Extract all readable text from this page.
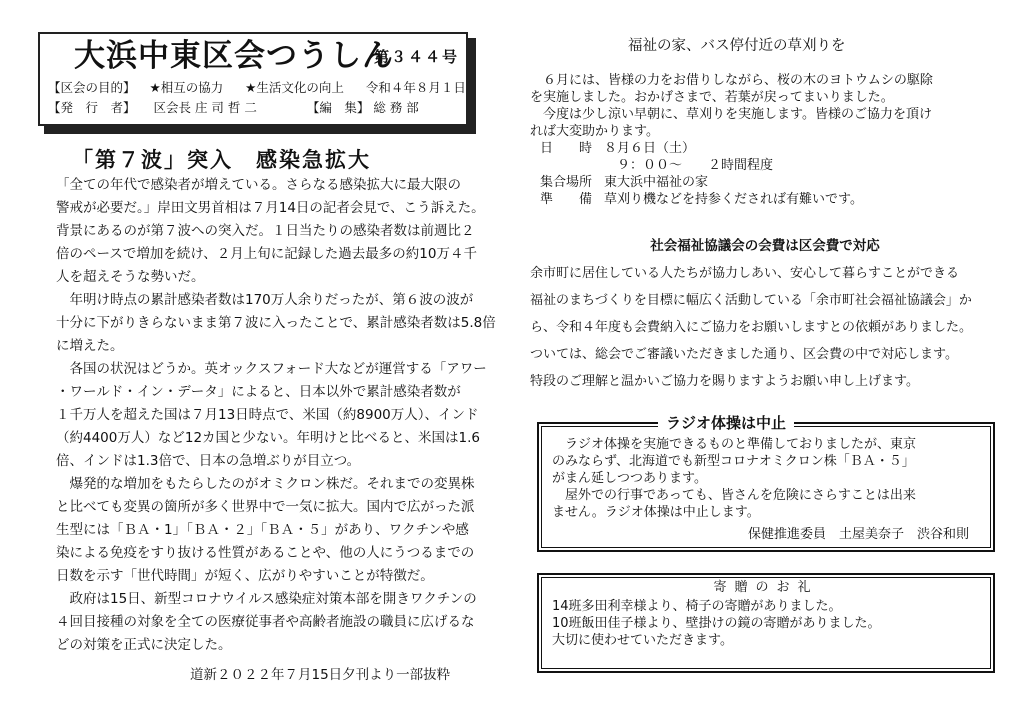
大浜中東区会つうしん
第３４４号
【区会の目的】 ★相互の協力 ★生活文化の向上 令和４年８月１日
【発　行　者】 区会長 庄 司 哲 二	【編　集】 総 務 部
「第７波」突入　感染急拡大
「全ての年代で感染者が増えている。さらなる感染拡大に最大限の
警戒が必要だ。」岸田文男首相は７月14日の記者会見で、こう訴えた。
背景にあるのが第７波への突入だ。１日当たりの感染者数は前週比２
倍のペースで増加を続け、２月上旬に記録した過去最多の約10万４千
人を超えそうな勢いだ。
　年明け時点の累計感染者数は170万人余りだったが、第６波の波が
十分に下がりきらないまま第７波に入ったことで、累計感染者数は5.8倍
に増えた。
　各国の状況はどうか。英オックスフォード大などが運営する「アワー
・ワールド・イン・データ」によると、日本以外で累計感染者数が
１千万人を超えた国は７月13日時点で、米国（約8900万人）、インド
（約4400万人）など12カ国と少ない。年明けと比べると、米国は1.6
倍、インドは1.3倍で、日本の急増ぶりが目立つ。
　爆発的な増加をもたらしたのがオミクロン株だ。それまでの変異株
と比べても変異の箇所が多く世界中で一気に拡大。国内で広がった派
生型には「ＢＡ・1」「ＢＡ・２」「ＢＡ・５」があり、ワクチンや感
染による免疫をすり抜ける性質があることや、他の人にうつるまでの
日数を示す「世代時間」が短く、広がりやすいことが特徴だ。
　政府は15日、新型コロナウイルス感染症対策本部を開きワクチンの
４回目接種の対象を全ての医療従事者や高齢者施設の職員に広げるな
どの対策を正式に決定した。
道新２０２２年７月15日夕刊より一部抜粋
福祉の家、バス停付近の草刈りを
　６月には、皆様の力をお借りしながら、桜の木のヨトウムシの駆除
を実施しました。おかげさまで、若葉が戻ってまいりました。
　今度は少し涼い早朝に、草刈りを実施します。皆様のご協力を頂け
れば大変助かります。
日　　時 ８月６日（土）
　９：００～　　２時間程度
集合場所 東大浜中福祉の家
準　　備 草刈り機などを持参くだされば有難いです。
社会福祉協議会の会費は区会費で対応
余市町に居住している人たちが協力しあい、安心して暮らすことができる
福祉のまちづくりを目標に幅広く活動している「余市町社会福祉協議会」か
ら、令和４年度も会費納入にご協力をお願いしますとの依頼がありました。
ついては、総会でご審議いただきました通り、区会費の中で対応します。
特段のご理解と温かいご協力を賜りますようお願い申し上げます。
ラジオ体操は中止
　ラジオ体操を実施できるものと準備しておりましたが、東京
のみならず、北海道でも新型コロナオミクロン株「ＢＡ・５」
がまん延しつつあります。
　屋外での行事であっても、皆さんを危険にさらすことは出来
ません。ラジオ体操は中止します。
保健推進委員　土屋美奈子　渋谷和則
寄贈のお礼
14班多田利幸様より、椅子の寄贈がありました。
10班飯田佳子様より、壁掛けの鏡の寄贈がありました。
大切に使わせていただきます。
